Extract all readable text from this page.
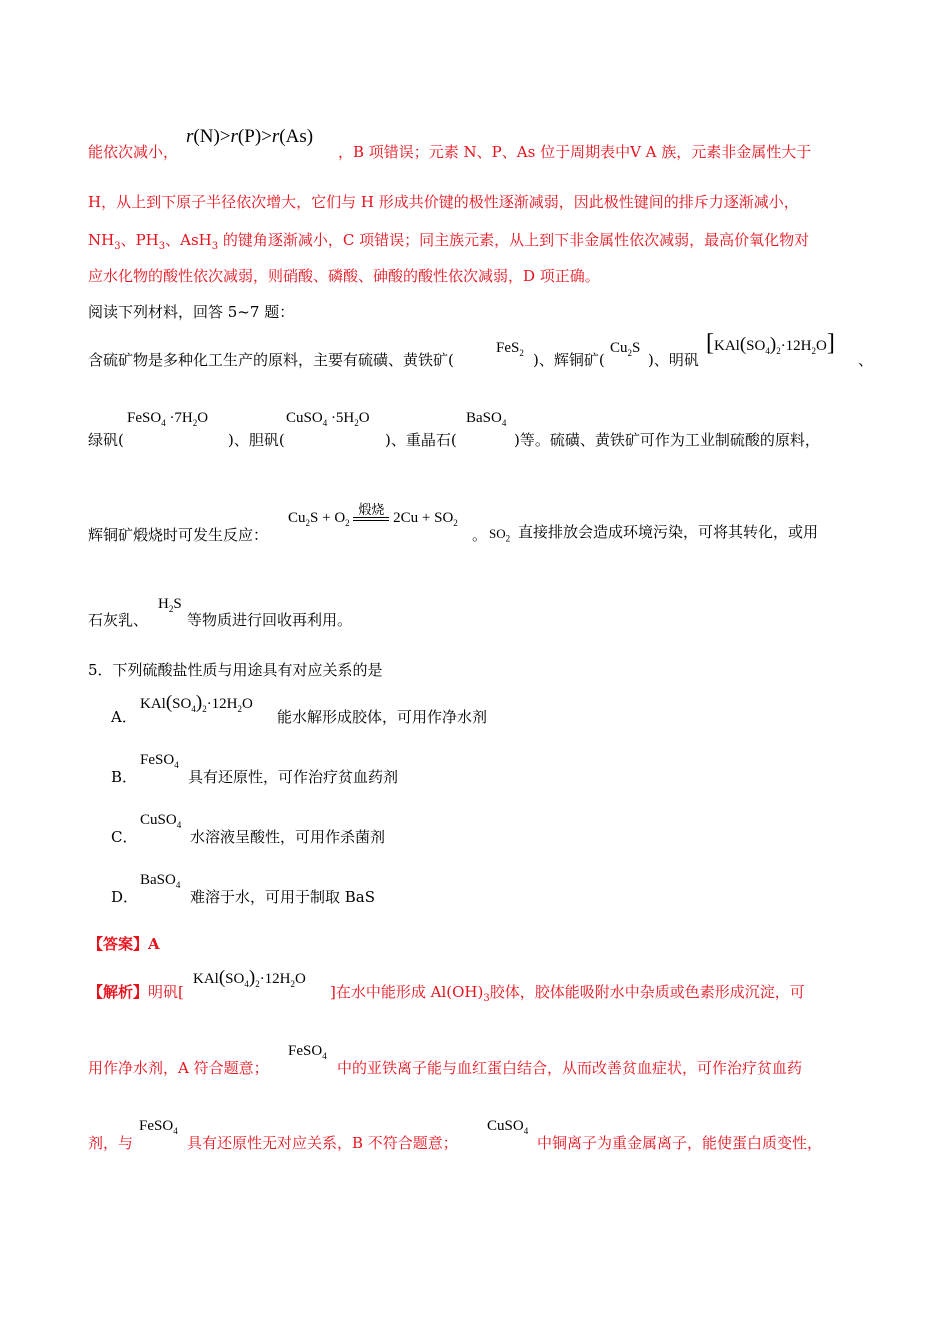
能依次减小，
r(N)>r(P)>r(As)
，B 项错误；元素 N、P、As 位于周期表中Ⅴ A 族，元素非金属性大于
H，从上到下原子半径依次增大，它们与 H 形成共价键的极性逐渐减弱，因此极性键间的排斥力逐渐减小，
$NH_3$、$PH_3$、AsH$_3$ 的键角逐渐减小，C 项错误；同主族元素，从上到下非金属性依次减弱，最高价氧化物对
应水化物的酸性依次减弱，则硝酸、磷酸、砷酸的酸性依次减弱，D 项正确。
阅读下列材料，回答 5~7 题：
含硫矿物是多种化工生产的原料，主要有硫磺、黄铁矿(
FeS$_2$ )、辉铜矿(
$Cu_2S$
)、明矾
$[KAl(SO_4)_2\cdot 12H_2O]$
、
绿矾(
FeSO$_4$ $\cdot 7H_2O$
)、胆矾(
CuSO$_4$ $\cdot 5H_2O$
)、重晶石(
BaSO$_4$
)等。硫磺、黄铁矿可作为工业制硫酸的原料，
辉铜矿煅烧时可发生反应：
$Cu_2S + O_2$
煅烧 $2Cu + SO_2$
。 $SO_2$ 直接排放会造成环境污染，可将其转化，或用
石灰乳、
$H_2S$
等物质进行回收再利用。
5．下列硫酸盐性质与用途具有对应关系的是
A．
$KAl(SO_4)_2\cdot 12H_2O$
能水解形成胶体，可用作净水剂
B．
FeSO$_4$
具有还原性，可作治疗贫血药剂
C．
CuSO$_4$
水溶液呈酸性，可用作杀菌剂
D．
BaSO$_4$
难溶于水，可用于制取 BaS
【答案】A
【解析】明矾[
$KAl(SO_4)_2\cdot 12H_2O$
]在水中能形成 $Al(OH)_3$胶体，胶体能吸附水中杂质或色素形成沉淀，可
用作净水剂，A 符合题意；
FeSO$_4$
中的亚铁离子能与血红蛋白结合，从而改善贫血症状，可作治疗贫血药
剂，与
FeSO$_4$
具有还原性无对应关系，B 不符合题意；
CuSO$_4$
中铜离子为重金属离子，能使蛋白质变性，
